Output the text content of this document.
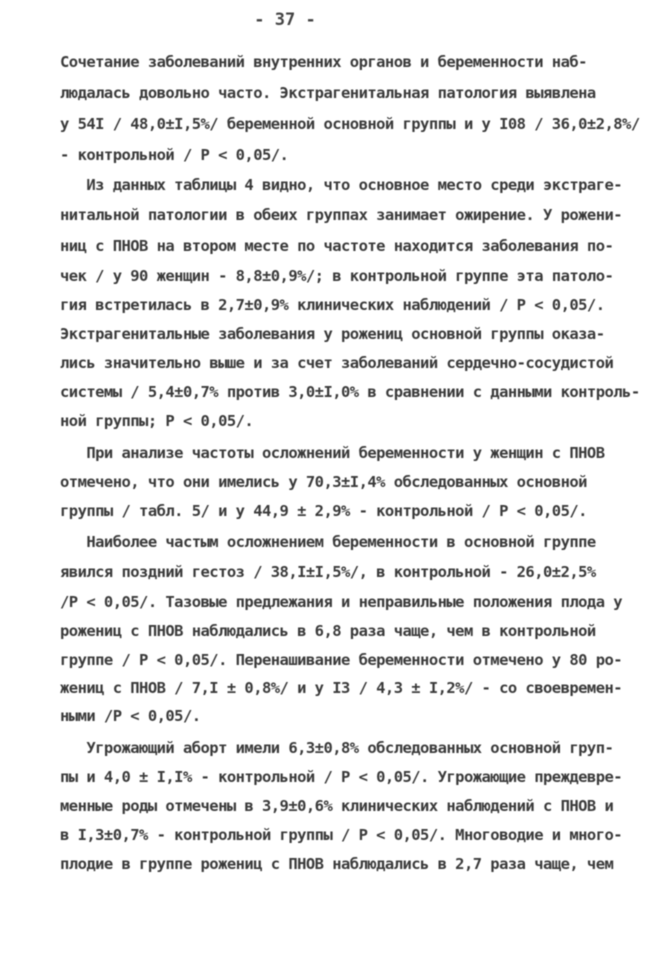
- 37 -
Сочетание заболеваний внутренних органов и беременности наб-
людалась довольно часто. Экстрагенитальная патология выявлена
у 54I / 48,0±I,5%/ беременной основной группы и у I08 / 36,0±2,8%/
- контрольной / Р < 0,05/.
Из данных таблицы 4 видно, что основное место среди экстраге-
нитальной патологии в обеих группах занимает ожирение. У рожени-
ниц с ПНОВ на втором месте по частоте находится заболевания по-
чек / у 90 женщин - 8,8±0,9%/; в контрольной группе эта патоло-
гия встретилась в 2,7±0,9% клинических наблюдений / Р < 0,05/.
Экстрагенитальные заболевания у рожениц основной группы оказа-
лись значительно выше и за счет заболеваний сердечно-сосудистой
системы / 5,4±0,7% против 3,0±I,0% в сравнении с данными контроль-
ной группы; Р < 0,05/.
При анализе частоты осложнений беременности у женщин с ПНОВ
отмечено, что они имелись у 70,3±I,4% обследованных основной
группы / табл. 5/ и у 44,9 ± 2,9% - контрольной / Р < 0,05/.
Наиболее частым осложнением беременности в основной группе
явился поздний гестоз / 38,I±I,5%/, в контрольной - 26,0±2,5%
/Р < 0,05/. Тазовые предлежания и неправильные положения плода у
рожениц с ПНОВ наблюдались в 6,8 раза чаще, чем в контрольной
группе / Р < 0,05/. Перенашивание беременности отмечено у 80 ро-
жениц с ПНОВ / 7,I ± 0,8%/ и у I3 / 4,3 ± I,2%/ - со своевремен-
ными /Р < 0,05/.
Угрожающий аборт имели 6,3±0,8% обследованных основной груп-
пы и 4,0 ± I,I% - контрольной / Р < 0,05/. Угрожающие преждевре-
менные роды отмечены в 3,9±0,6% клинических наблюдений с ПНОВ и
в I,3±0,7% - контрольной группы / Р < 0,05/. Многоводие и много-
плодие в группе рожениц с ПНОВ наблюдались в 2,7 раза чаще, чем
